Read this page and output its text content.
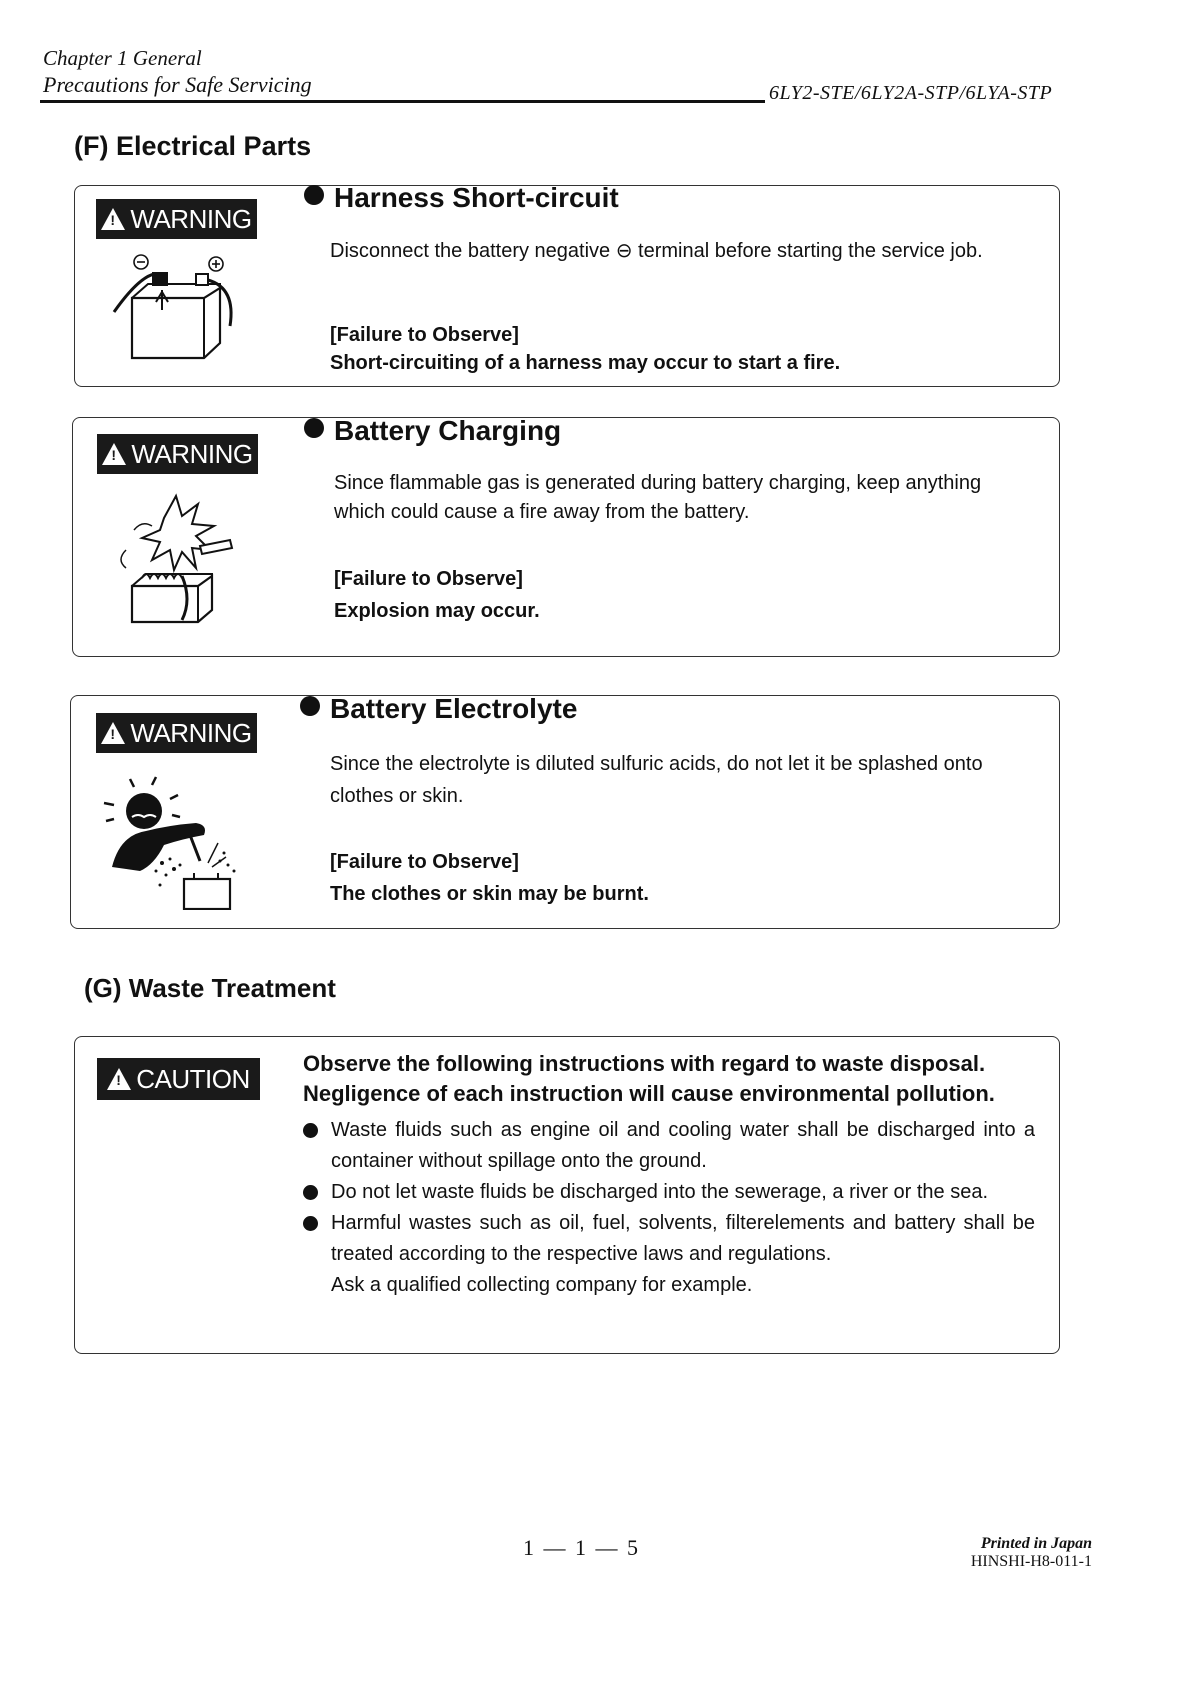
Chapter 1 General
Precautions for Safe Servicing	6LY2-STE/6LY2A-STP/6LYA-STP
(F) Electrical Parts
!
WARNING
Harness Short-circuit
Disconnect the battery negative ⊖ terminal before starting the service job.
[Failure to Observe]
Short-circuiting of a harness may occur to start a fire.
!
WARNING
Battery Charging
Since flammable gas is generated during battery charging, keep anything which could cause a fire away from the battery.
[Failure to Observe]
Explosion may occur.
!
WARNING
Battery Electrolyte
Since the electrolyte is diluted sulfuric acids, do not let it be splashed onto clothes or skin.
[Failure to Observe]
The clothes or skin may be burnt.
(G) Waste Treatment
!
CAUTION Observe the following instructions with regard to waste disposal.
Negligence of each instruction will cause environmental pollution.
Waste fluids such as engine oil and cooling water shall be discharged into a container without spillage onto the ground.
Do not let waste fluids be discharged into the sewerage, a river or the sea.
Harmful wastes such as oil, fuel, solvents, filterelements and battery shall be treated according to the respective laws and regulations.
Ask a qualified collecting company for example.
1 — 1 — 5	Printed in Japan
HINSHI-H8-011-1
